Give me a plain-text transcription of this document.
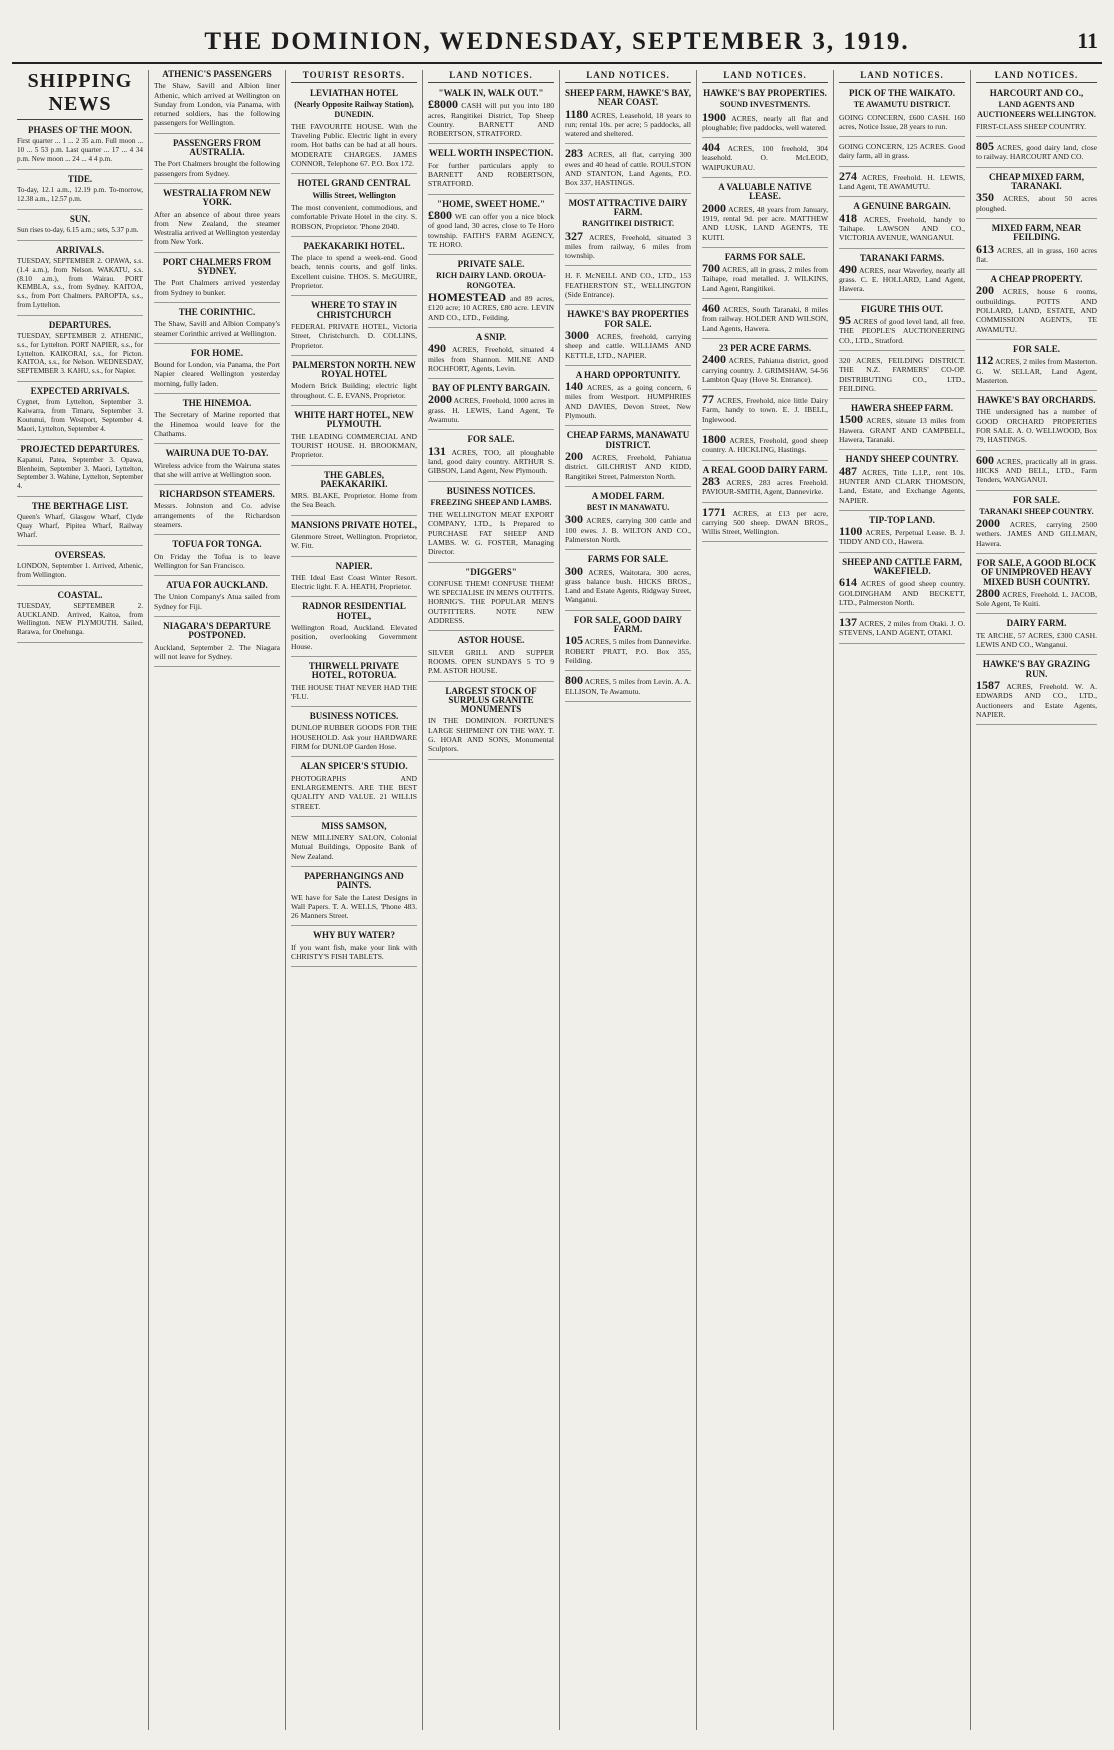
THE DOMINION, WEDNESDAY, SEPTEMBER 3, 1919.	11
SHIPPING NEWS
PHASES OF THE MOON.
First quarter ... 1 ... 2 35 a.m. Full moon ... 10 ... 5 53 p.m. Last quarter ... 17 ... 4 34 p.m. New moon ... 24 ... 4 4 p.m.
TIDE.
To-day, 12.1 a.m., 12.19 p.m. To-morrow, 12.38 a.m., 12.57 p.m.
SUN.
Sun rises to-day, 6.15 a.m.; sets, 5.37 p.m.
ARRIVALS.
TUESDAY, SEPTEMBER 2. OPAWA, s.s. (1.4 a.m.), from Nelson. WAKATU, s.s. (8.10 a.m.), from Wairau. PORT KEMBLA, s.s., from Sydney. KAITOA, s.s., from Port Chalmers. PAROPTA, s.s., from Lyttelton.
DEPARTURES.
TUESDAY, SEPTEMBER 2. ATHENIC, s.s., for Lyttelton. PORT NAPIER, s.s., for Lyttelton. KAIKORAI, s.s., for Picton. KAITOA, s.s., for Nelson. WEDNESDAY, SEPTEMBER 3. KAHU, s.s., for Napier.
EXPECTED ARRIVALS.
Cygnet, from Lyttelton, September 3. Kaiwarra, from Timaru, September 3. Koutunui, from Westport, September 4. Maori, Lyttelton, September 4.
PROJECTED DEPARTURES.
Kapanui, Patea, September 3. Opawa, Blenheim, September 3. Maori, Lyttelton, September 3. Wahine, Lyttelton, September 4.
THE BERTHAGE LIST.
Queen's Wharf, Glasgow Wharf, Clyde Quay Wharf, Pipitea Wharf, Railway Wharf.
OVERSEAS.
LONDON, September 1. Arrived, Athenic, from Wellington.
COASTAL.
TUESDAY, SEPTEMBER 2. AUCKLAND. Arrived, Kaitoa, from Wellington. NEW PLYMOUTH. Sailed, Rarawa, for Onehunga.
ATHENIC'S PASSENGERS
The Shaw, Savill and Albion liner Athenic, which arrived at Wellington on Sunday from London, via Panama, with returned soldiers, has the following passengers for Wellington.
PASSENGERS FROM AUSTRALIA.
The Port Chalmers brought the following passengers from Sydney.
WESTRALIA FROM NEW YORK.
After an absence of about three years from New Zealand, the steamer Westralia arrived at Wellington yesterday from New York.
PORT CHALMERS FROM SYDNEY.
The Port Chalmers arrived yesterday from Sydney to bunker.
THE CORINTHIC.
The Shaw, Savill and Albion Company's steamer Corinthic arrived at Wellington.
FOR HOME.
Bound for London, via Panama, the Port Napier cleared Wellington yesterday morning, fully laden.
THE HINEMOA.
The Secretary of Marine reported that the Hinemoa would leave for the Chathams.
WAIRUNA DUE TO-DAY.
Wireless advice from the Wairuna states that she will arrive at Wellington soon.
RICHARDSON STEAMERS.
Messrs. Johnston and Co. advise arrangements of the Richardson steamers.
TOFUA FOR TONGA.
On Friday the Tofua is to leave Wellington for San Francisco.
ATUA FOR AUCKLAND.
The Union Company's Atua sailed from Sydney for Fiji.
NIAGARA'S DEPARTURE POSTPONED.
Auckland, September 2. The Niagara will not leave for Sydney.
TOURIST RESORTS.
LEVIATHAN HOTEL
(Nearly Opposite Railway Station), DUNEDIN.
THE FAVOURITE HOUSE. With the Traveling Public. Electric light in every room. Hot baths can be had at all hours. MODERATE CHARGES. JAMES CONNOR, Telephone 67. P.O. Box 172.
HOTEL GRAND CENTRAL
Willis Street, Wellington
The most convenient, commodious, and comfortable Private Hotel in the city. S. ROBSON, Proprietor. 'Phone 2040.
PAEKAKARIKI HOTEL.
The place to spend a week-end. Good beach, tennis courts, and golf links. Excellent cuisine. THOS. S. McGUIRE, Proprietor.
WHERE TO STAY IN CHRISTCHURCH
FEDERAL PRIVATE HOTEL, Victoria Street, Christchurch. D. COLLINS, Proprietor.
PALMERSTON NORTH. NEW ROYAL HOTEL
Modern Brick Building; electric light throughout. C. E. EVANS, Proprietor.
WHITE HART HOTEL, NEW PLYMOUTH.
THE LEADING COMMERCIAL AND TOURIST HOUSE. H. BROOKMAN, Proprietor.
THE GABLES, PAEKAKARIKI.
MRS. BLAKE, Proprietor. Home from the Sea Beach.
MANSIONS PRIVATE HOTEL,
Glenmore Street, Wellington. Proprietor, W. Fitt.
NAPIER.
THE Ideal East Coast Winter Resort. Electric light. F. A. HEATH, Proprietor.
RADNOR RESIDENTIAL HOTEL,
Wellington Road, Auckland. Elevated position, overlooking Government House.
THIRWELL PRIVATE HOTEL, ROTORUA.
THE HOUSE THAT NEVER HAD THE 'FLU.
BUSINESS NOTICES.
DUNLOP RUBBER GOODS FOR THE HOUSEHOLD. Ask your HARDWARE FIRM for DUNLOP Garden Hose.
ALAN SPICER'S STUDIO.
PHOTOGRAPHS AND ENLARGEMENTS. ARE THE BEST QUALITY AND VALUE. 21 WILLIS STREET.
MISS SAMSON,
NEW MILLINERY SALON, Colonial Mutual Buildings, Opposite Bank of New Zealand.
PAPERHANGINGS AND PAINTS.
WE have for Sale the Latest Designs in Wall Papers. T. A. WELLS, 'Phone 483. 26 Manners Street.
WHY BUY WATER?
If you want fish, make your link with CHRISTY'S FISH TABLETS.
LAND NOTICES.
"WALK IN, WALK OUT."
£8000 CASH will put you into 180 acres, Rangitikei District, Top Sheep Country. BARNETT AND ROBERTSON, STRATFORD.
WELL WORTH INSPECTION.
For further particulars apply to BARNETT AND ROBERTSON, STRATFORD.
"HOME, SWEET HOME."
£800 WE can offer you a nice block of good land, 30 acres, close to Te Horo township. FAITH'S FARM AGENCY, TE HORO.
PRIVATE SALE.
RICH DAIRY LAND. OROUA-RONGOTEA.
HOMESTEAD and 89 acres, £120 acre; 10 ACRES, £80 acre. LEVIN AND CO., LTD., Feilding.
A SNIP.
490 ACRES, Freehold, situated 4 miles from Shannon. MILNE AND ROCHFORT, Agents, Levin.
BAY OF PLENTY BARGAIN.
2000 ACRES, Freehold, 1000 acres in grass. H. LEWIS, Land Agent, Te Awamutu.
FOR SALE.
131 ACRES, TOO, all ploughable land, good dairy country. ARTHUR S. GIBSON, Land Agent, New Plymouth.
BUSINESS NOTICES.
FREEZING SHEEP AND LAMBS.
THE WELLINGTON MEAT EXPORT COMPANY, LTD., Is Prepared to PURCHASE FAT SHEEP AND LAMBS. W. G. FOSTER, Managing Director.
"DIGGERS"
CONFUSE THEM! CONFUSE THEM! WE SPECIALISE IN MEN'S OUTFITS. HORNIG'S. THE POPULAR MEN'S OUTFITTERS. NOTE NEW ADDRESS.
ASTOR HOUSE.
SILVER GRILL AND SUPPER ROOMS. OPEN SUNDAYS 5 TO 9 P.M. ASTOR HOUSE.
LARGEST STOCK OF SURPLUS GRANITE MONUMENTS
IN THE DOMINION. FORTUNE'S LARGE SHIPMENT ON THE WAY. T. G. HOAR AND SONS, Monumental Sculptors.
LAND NOTICES.
SHEEP FARM, HAWKE'S BAY, NEAR COAST.
1180 ACRES, Leasehold, 18 years to run; rental 10s. per acre; 5 paddocks, all watered and sheltered.
283 ACRES, all flat, carrying 300 ewes and 40 head of cattle. ROULSTON AND STANTON, Land Agents, P.O. Box 337, HASTINGS.
MOST ATTRACTIVE DAIRY FARM.
RANGITIKEI DISTRICT.
327 ACRES, Freehold, situated 3 miles from railway, 6 miles from township.
H. F. McNEILL AND CO., LTD., 153 FEATHERSTON ST., WELLINGTON (Side Entrance).
HAWKE'S BAY PROPERTIES FOR SALE.
3000 ACRES, freehold, carrying sheep and cattle. WILLIAMS AND KETTLE, LTD., NAPIER.
A HARD OPPORTUNITY.
140 ACRES, as a going concern, 6 miles from Westport. HUMPHRIES AND DAVIES, Devon Street, New Plymouth.
CHEAP FARMS, MANAWATU DISTRICT.
200 ACRES, Freehold, Pahiatua district. GILCHRIST AND KIDD, Rangitikei Street, Palmerston North.
A MODEL FARM.
BEST IN MANAWATU.
300 ACRES, carrying 300 cattle and 100 ewes. J. B. WILTON AND CO., Palmerston North.
FARMS FOR SALE.
300 ACRES, Waitotara, 300 acres, grass balance bush. HICKS BROS., Land and Estate Agents, Ridgway Street, Wanganui.
FOR SALE, GOOD DAIRY FARM.
105 ACRES, 5 miles from Dannevirke. ROBERT PRATT, P.O. Box 355, Feilding.
800 ACRES, 5 miles from Levin. A. A. ELLISON, Te Awamutu.
LAND NOTICES.
HAWKE'S BAY PROPERTIES.
SOUND INVESTMENTS.
1900 ACRES, nearly all flat and ploughable; five paddocks, well watered.
404 ACRES, 100 freehold, 304 leasehold. O. McLEOD, WAIPUKURAU.
A VALUABLE NATIVE LEASE.
2000 ACRES, 48 years from January, 1919, rental 9d. per acre. MATTHEW AND LUSK, LAND AGENTS, TE KUITI.
FARMS FOR SALE.
700 ACRES, all in grass, 2 miles from Taihape, road metalled. J. WILKINS, Land Agent, Rangitikei.
460 ACRES, South Taranaki, 8 miles from railway. HOLDER AND WILSON, Land Agents, Hawera.
23 PER ACRE FARMS.
2400 ACRES, Pahiatua district, good carrying country. J. GRIMSHAW, 54-56 Lambton Quay (Hove St. Entrance).
77 ACRES, Freehold, nice little Dairy Farm, handy to town. E. J. IBELL, Inglewood.
1800 ACRES, Freehold, good sheep country. A. HICKLING, Hastings.
A REAL GOOD DAIRY FARM.
283 ACRES, 283 acres Freehold. PAVIOUR-SMITH, Agent, Dannevirke.
1771 ACRES, at £13 per acre, carrying 500 sheep. DWAN BROS., Willis Street, Wellington.
LAND NOTICES.
PICK OF THE WAIKATO.
TE AWAMUTU DISTRICT.
GOING CONCERN, £600 CASH. 160 acres, Notice Issue, 28 years to run.
GOING CONCERN, 125 ACRES. Good dairy farm, all in grass.
274 ACRES, Freehold. H. LEWIS, Land Agent, TE AWAMUTU.
A GENUINE BARGAIN.
418 ACRES, Freehold, handy to Taihape. LAWSON AND CO., VICTORIA AVENUE, WANGANUI.
TARANAKI FARMS.
490 ACRES, near Waverley, nearly all grass. C. E. HOLLARD, Land Agent, Hawera.
FIGURE THIS OUT.
95 ACRES of good level land, all free. THE PEOPLE'S AUCTIONEERING CO., LTD., Stratford.
320 ACRES, FEILDING DISTRICT. THE N.Z. FARMERS' CO-OP. DISTRIBUTING CO., LTD., FEILDING.
HAWERA SHEEP FARM.
1500 ACRES, situate 13 miles from Hawera. GRANT AND CAMPBELL, Hawera, Taranaki.
HANDY SHEEP COUNTRY.
487 ACRES, Title L.I.P., rent 10s. HUNTER AND CLARK THOMSON, Land, Estate, and Exchange Agents, NAPIER.
TIP-TOP LAND.
1100 ACRES, Perpetual Lease. B. J. TIDDY AND CO., Hawera.
SHEEP AND CATTLE FARM, WAKEFIELD.
614 ACRES of good sheep country. GOLDINGHAM AND BECKETT, LTD., Palmerston North.
137 ACRES, 2 miles from Otaki. J. O. STEVENS, LAND AGENT, OTAKI.
LAND NOTICES.
HARCOURT AND CO.,
LAND AGENTS AND AUCTIONEERS WELLINGTON.
FIRST-CLASS SHEEP COUNTRY.
805 ACRES, good dairy land, close to railway. HARCOURT AND CO.
CHEAP MIXED FARM, TARANAKI.
350 ACRES, about 50 acres ploughed.
MIXED FARM, NEAR FEILDING.
613 ACRES, all in grass, 160 acres flat.
A CHEAP PROPERTY.
200 ACRES, house 6 rooms, outbuildings. POTTS AND POLLARD, LAND, ESTATE, AND COMMISSION AGENTS, TE AWAMUTU.
FOR SALE.
112 ACRES, 2 miles from Masterton. G. W. SELLAR, Land Agent, Masterton.
HAWKE'S BAY ORCHARDS.
THE undersigned has a number of GOOD ORCHARD PROPERTIES FOR SALE. A. O. WELLWOOD, Box 79, HASTINGS.
600 ACRES, practically all in grass. HICKS AND BELL, LTD., Farm Tenders, WANGANUI.
FOR SALE.
TARANAKI SHEEP COUNTRY.
2000 ACRES, carrying 2500 wethers. JAMES AND GILLMAN, Hawera.
FOR SALE, A GOOD BLOCK OF UNIMPROVED HEAVY MIXED BUSH COUNTRY.
2800 ACRES, Freehold. L. JACOB, Sole Agent, Te Kuiti.
DAIRY FARM.
TE ARCHE, 57 ACRES, £300 CASH. LEWIS AND CO., Wanganui.
HAWKE'S BAY GRAZING RUN.
1587 ACRES, Freehold. W. A. EDWARDS AND CO., LTD., Auctioneers and Estate Agents, NAPIER.
